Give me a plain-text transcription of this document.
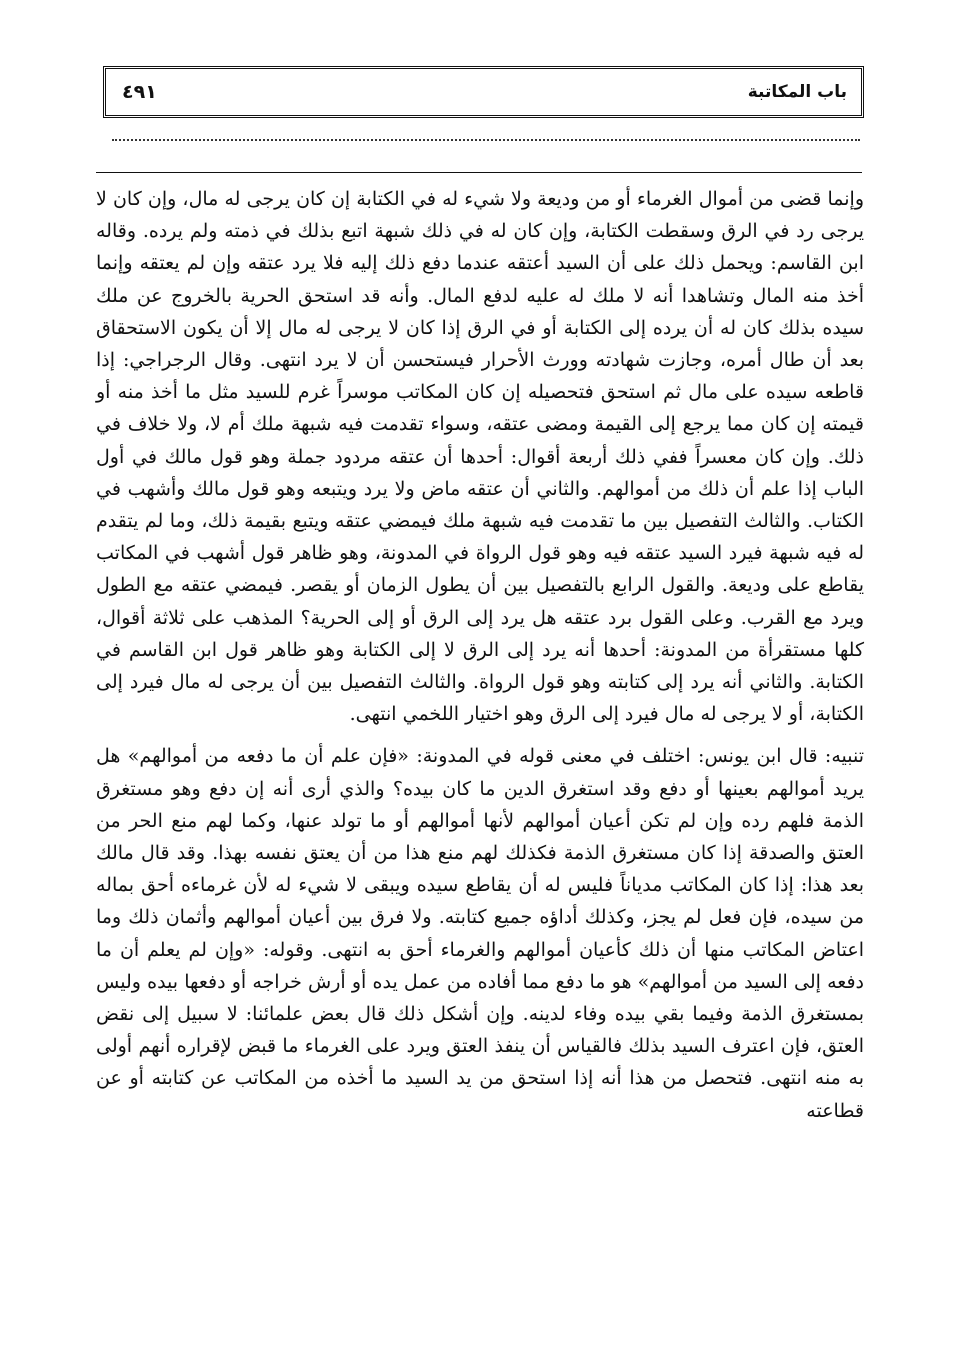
باب المكاتبة
٤٩١

وإنما قضى من أموال الغرماء أو من وديعة ولا شيء له في الكتابة إن كان يرجى له مال، وإن كان لا يرجى رد في الرق وسقطت الكتابة، وإن كان له في ذلك شبهة اتبع بذلك في ذمته ولم يرده. وقاله ابن القاسم: ويحمل ذلك على أن السيد أعتقه عندما دفع ذلك إليه فلا يرد عتقه وإن لم يعتقه وإنما أخذ منه المال وتشاهدا أنه لا ملك له عليه لدفع المال. وأنه قد استحق الحرية بالخروج عن ملك سيده بذلك كان له أن يرده إلى الكتابة أو في الرق إذا كان لا يرجى له مال إلا أن يكون الاستحقاق بعد أن طال أمره، وجازت شهادته وورث الأحرار فيستحسن أن لا يرد انتهى. وقال الرجراجي: إذا قاطعه سيده على مال ثم استحق فتحصيله إن كان المكاتب موسراً غرم للسيد مثل ما أخذ منه أو قيمته إن كان مما يرجع إلى القيمة ومضى عتقه، وسواء تقدمت فيه شبهة ملك أم لا، ولا خلاف في ذلك. وإن كان معسراً ففي ذلك أربعة أقوال: أحدها أن عتقه مردود جملة وهو قول مالك في أول الباب إذا علم أن ذلك من أموالهم. والثاني أن عتقه ماض ولا يرد ويتبعه وهو قول مالك وأشهب في الكتاب. والثالث التفصيل بين ما تقدمت فيه شبهة ملك فيمضي عتقه ويتبع بقيمة ذلك، وما لم يتقدم له فيه شبهة فيرد السيد عتقه فيه وهو قول الرواة في المدونة، وهو ظاهر قول أشهب في المكاتب يقاطع على وديعة. والقول الرابع بالتفصيل بين أن يطول الزمان أو يقصر. فيمضي عتقه مع الطول ويرد مع القرب. وعلى القول برد عتقه هل يرد إلى الرق أو إلى الحرية؟ المذهب على ثلاثة أقوال، كلها مستقرأة من المدونة: أحدها أنه يرد إلى الرق لا إلى الكتابة وهو ظاهر قول ابن القاسم في الكتابة. والثاني أنه يرد إلى كتابته وهو قول الرواة. والثالث التفصيل بين أن يرجى له مال فيرد إلى الكتابة، أو لا يرجى له مال فيرد إلى الرق وهو اختيار اللخمي انتهى.

تنبيه: قال ابن يونس: اختلف في معنى قوله في المدونة: «فإن علم أن ما دفعه من أموالهم» هل يريد أموالهم بعينها أو دفع وقد استغرق الدين ما كان بيده؟ والذي أرى أنه إن دفع وهو مستغرق الذمة فلهم رده وإن لم تكن أعيان أموالهم لأنها أموالهم أو ما تولد عنها، وكما لهم منع الحر من العتق والصدقة إذا كان مستغرق الذمة فكذلك لهم منع هذا من أن يعتق نفسه بهذا. وقد قال مالك بعد هذا: إذا كان المكاتب مدياناً فليس له أن يقاطع سيده ويبقى لا شيء له لأن غرماءه أحق بماله من سيده، فإن فعل لم يجز، وكذلك أداؤه جميع كتابته. ولا فرق بين أعيان أموالهم وأثمان ذلك وما اعتاض المكاتب منها أن ذلك كأعيان أموالهم والغرماء أحق به انتهى. وقوله: «وإن لم يعلم أن ما دفعه إلى السيد من أموالهم» هو ما دفع مما أفاده من عمل يده أو أرش خراجه أو دفعها بيده وليس بمستغرق الذمة وفيما بقي بيده وفاء لدينه. وإن أشكل ذلك قال بعض علمائنا: لا سبيل إلى نقض العتق، فإن اعترف السيد بذلك فالقياس أن ينفذ العتق ويرد على الغرماء ما قبض لإقراره أنهم أولى به منه انتهى. فتحصل من هذا أنه إذا استحق من يد السيد ما أخذه من المكاتب عن كتابته أو عن قطاعته
